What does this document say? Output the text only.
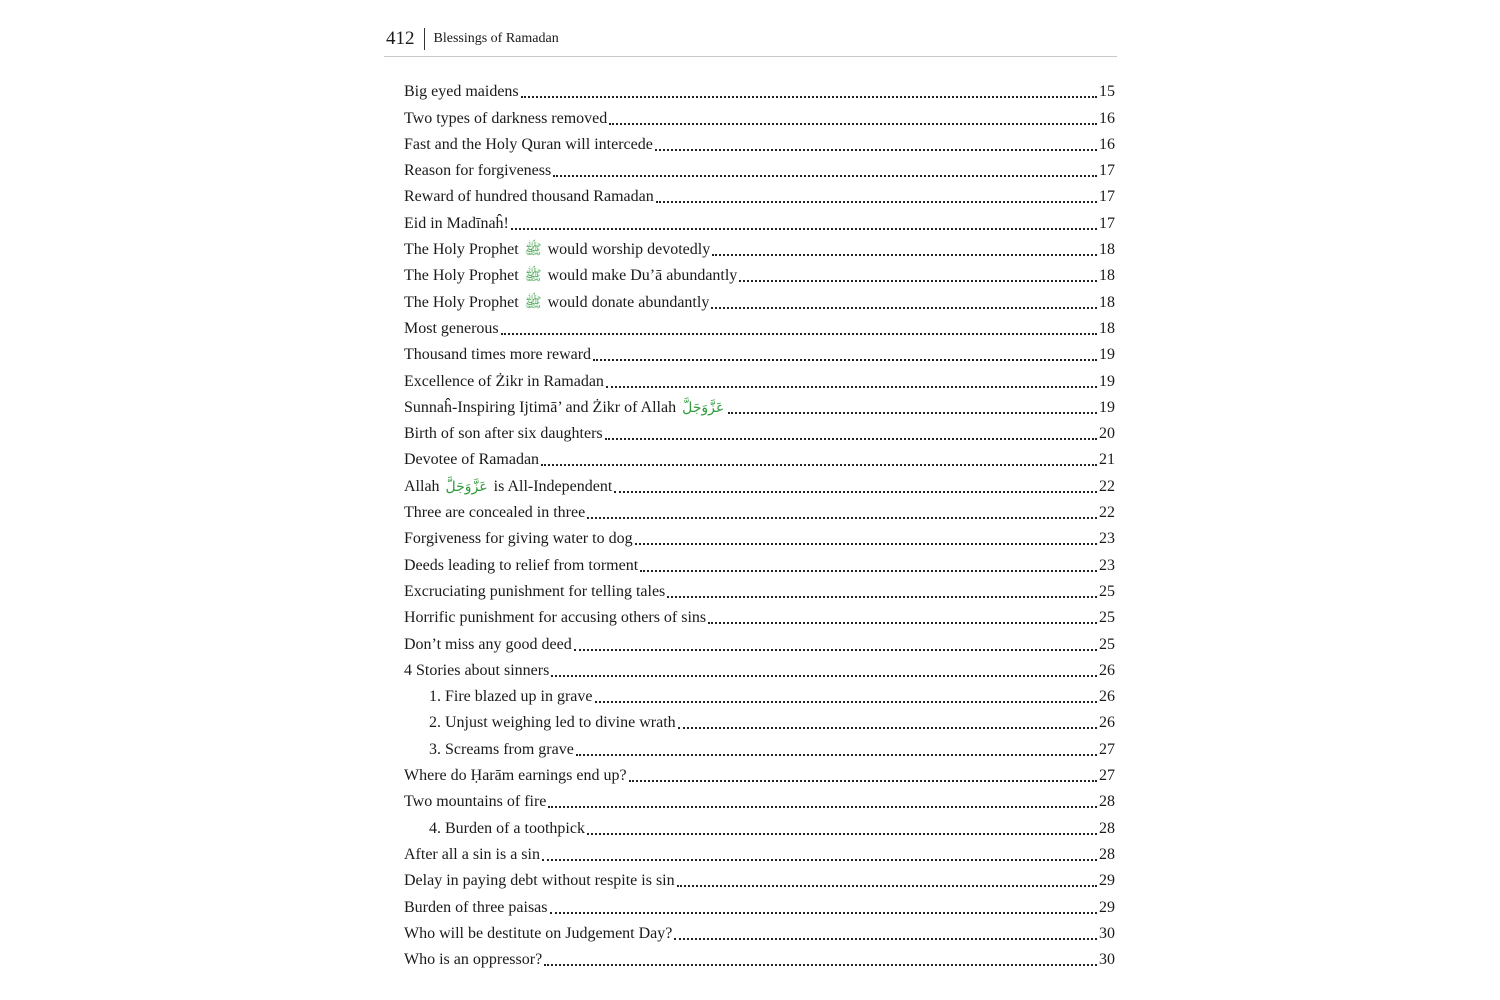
412	Blessings of Ramadan
Big eyed maidens	15
Two types of darkness removed	16
Fast and the Holy Quran will intercede	16
Reason for forgiveness	17
Reward of hundred thousand Ramadan	17
Eid in Madīnaĥ!	17
The Holy Prophet ﷺ would worship devotedly	18
The Holy Prophet ﷺ would make Du’ā abundantly	18
The Holy Prophet ﷺ would donate abundantly	18
Most generous	18
Thousand times more reward	19
Excellence of Żikr in Ramadan	19
Sunnaĥ-Inspiring Ijtimā’ and Żikr of Allah عَزَّوَجَلَّ	19
Birth of son after six daughters	20
Devotee of Ramadan	21
Allah عَزَّوَجَلَّ is All-Independent	22
Three are concealed in three	22
Forgiveness for giving water to dog	23
Deeds leading to relief from torment	23
Excruciating punishment for telling tales	25
Horrific punishment for accusing others of sins	25
Don’t miss any good deed	25
4 Stories about sinners	26
1. Fire blazed up in grave	26
2. Unjust weighing led to divine wrath	26
3. Screams from grave	27
Where do Ḥarām earnings end up?	27
Two mountains of fire	28
4. Burden of a toothpick	28
After all a sin is a sin	28
Delay in paying debt without respite is sin	29
Burden of three paisas	29
Who will be destitute on Judgement Day?	30
Who is an oppressor?	30
